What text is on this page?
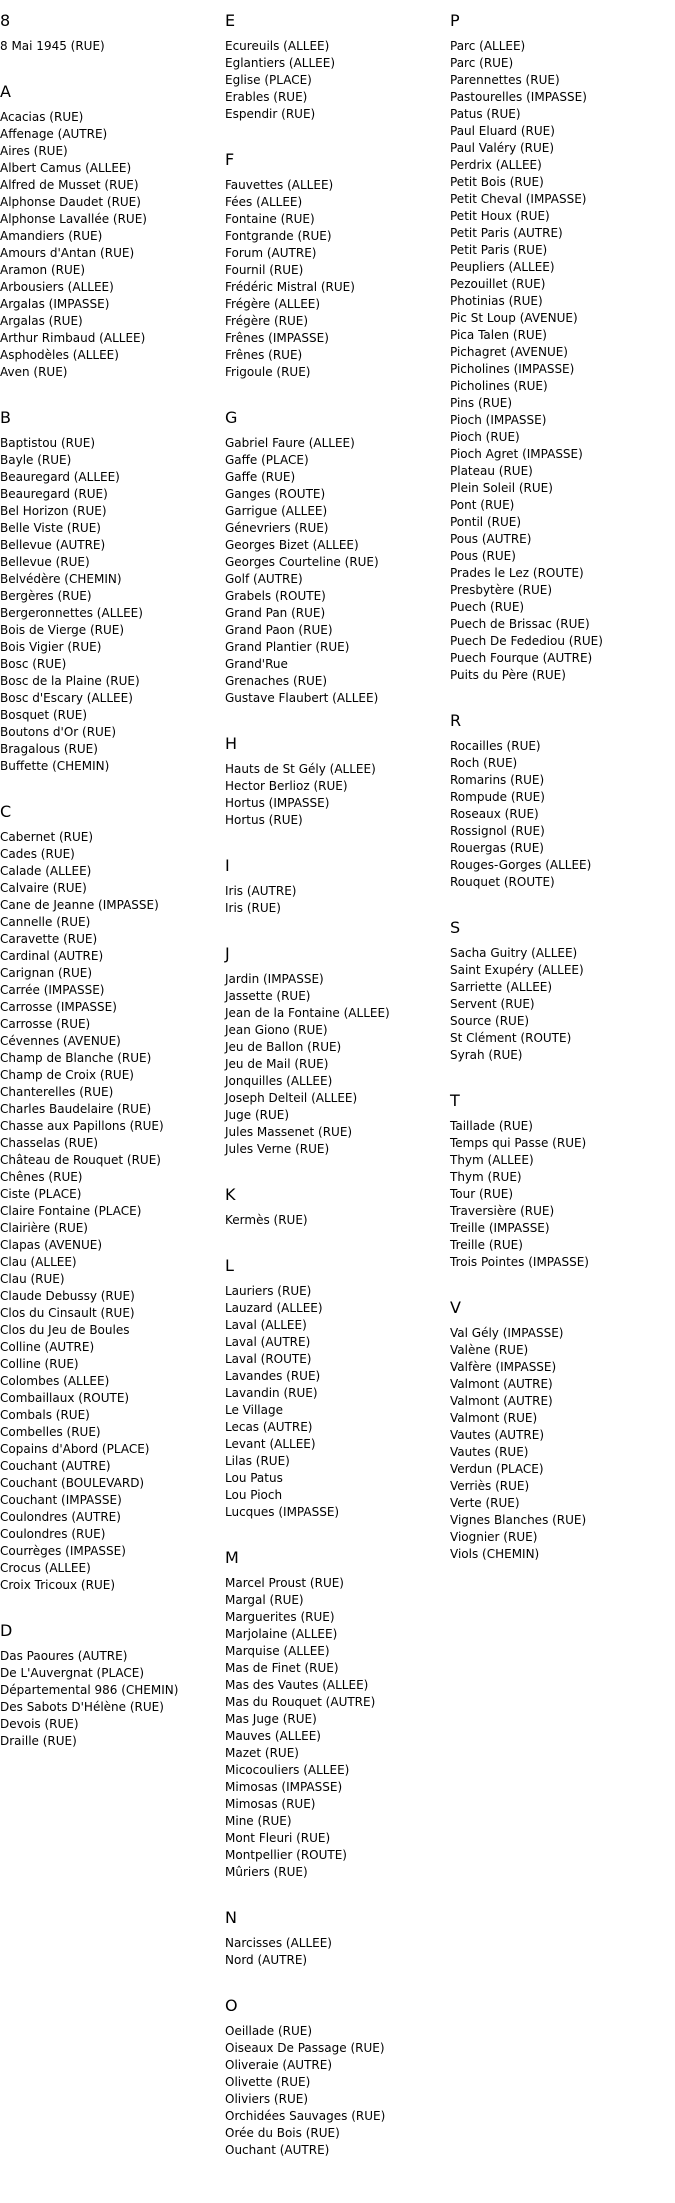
8
8 Mai 1945 (RUE)
A
Acacias (RUE)
Affenage (AUTRE)
Aires (RUE)
Albert Camus (ALLEE)
Alfred de Musset (RUE)
Alphonse Daudet (RUE)
Alphonse Lavallée (RUE)
Amandiers (RUE)
Amours d'Antan (RUE)
Aramon (RUE)
Arbousiers (ALLEE)
Argalas (IMPASSE)
Argalas (RUE)
Arthur Rimbaud (ALLEE)
Asphodèles (ALLEE)
Aven (RUE)
B
Baptistou (RUE)
Bayle (RUE)
Beauregard (ALLEE)
Beauregard (RUE)
Bel Horizon (RUE)
Belle Viste (RUE)
Bellevue (AUTRE)
Bellevue (RUE)
Belvédère (CHEMIN)
Bergères (RUE)
Bergeronnettes (ALLEE)
Bois de Vierge (RUE)
Bois Vigier (RUE)
Bosc (RUE)
Bosc de la Plaine (RUE)
Bosc d'Escary (ALLEE)
Bosquet (RUE)
Boutons d'Or (RUE)
Bragalous (RUE)
Buffette (CHEMIN)
C
Cabernet (RUE)
Cades (RUE)
Calade (ALLEE)
Calvaire (RUE)
Cane de Jeanne (IMPASSE)
Cannelle (RUE)
Caravette (RUE)
Cardinal (AUTRE)
Carignan (RUE)
Carrée (IMPASSE)
Carrosse (IMPASSE)
Carrosse (RUE)
Cévennes (AVENUE)
Champ de Blanche (RUE)
Champ de Croix (RUE)
Chanterelles (RUE)
Charles Baudelaire (RUE)
Chasse aux Papillons (RUE)
Chasselas (RUE)
Château de Rouquet (RUE)
Chênes (RUE)
Ciste (PLACE)
Claire Fontaine (PLACE)
Clairière (RUE)
Clapas (AVENUE)
Clau (ALLEE)
Clau (RUE)
Claude Debussy (RUE)
Clos du Cinsault (RUE)
Clos du Jeu de Boules
Colline (AUTRE)
Colline (RUE)
Colombes (ALLEE)
Combaillaux (ROUTE)
Combals (RUE)
Combelles (RUE)
Copains d'Abord (PLACE)
Couchant (AUTRE)
Couchant (BOULEVARD)
Couchant (IMPASSE)
Coulondres (AUTRE)
Coulondres (RUE)
Courrèges (IMPASSE)
Crocus (ALLEE)
Croix Tricoux (RUE)
D
Das Paoures (AUTRE)
De L'Auvergnat (PLACE)
Départemental 986 (CHEMIN)
Des Sabots D'Hélène (RUE)
Devois (RUE)
Draille (RUE)
E
Ecureuils (ALLEE)
Eglantiers (ALLEE)
Eglise (PLACE)
Erables (RUE)
Espendir (RUE)
F
Fauvettes (ALLEE)
Fées (ALLEE)
Fontaine (RUE)
Fontgrande (RUE)
Forum (AUTRE)
Fournil (RUE)
Frédéric Mistral (RUE)
Frégère (ALLEE)
Frégère (RUE)
Frênes (IMPASSE)
Frênes (RUE)
Frigoule (RUE)
G
Gabriel Faure (ALLEE)
Gaffe (PLACE)
Gaffe (RUE)
Ganges (ROUTE)
Garrigue (ALLEE)
Génevriers (RUE)
Georges Bizet (ALLEE)
Georges Courteline (RUE)
Golf (AUTRE)
Grabels (ROUTE)
Grand Pan (RUE)
Grand Paon (RUE)
Grand Plantier (RUE)
Grand'Rue
Grenaches (RUE)
Gustave Flaubert (ALLEE)
H
Hauts de St Gély (ALLEE)
Hector Berlioz (RUE)
Hortus (IMPASSE)
Hortus (RUE)
I
Iris (AUTRE)
Iris (RUE)
J
Jardin (IMPASSE)
Jassette (RUE)
Jean de la Fontaine (ALLEE)
Jean Giono (RUE)
Jeu de Ballon (RUE)
Jeu de Mail (RUE)
Jonquilles (ALLEE)
Joseph Delteil (ALLEE)
Juge (RUE)
Jules Massenet (RUE)
Jules Verne (RUE)
K
Kermès (RUE)
L
Lauriers (RUE)
Lauzard (ALLEE)
Laval (ALLEE)
Laval (AUTRE)
Laval (ROUTE)
Lavandes (RUE)
Lavandin (RUE)
Le Village
Lecas (AUTRE)
Levant (ALLEE)
Lilas (RUE)
Lou Patus
Lou Pioch
Lucques (IMPASSE)
M
Marcel Proust (RUE)
Margal (RUE)
Marguerites (RUE)
Marjolaine (ALLEE)
Marquise (ALLEE)
Mas de Finet (RUE)
Mas des Vautes (ALLEE)
Mas du Rouquet (AUTRE)
Mas Juge (RUE)
Mauves (ALLEE)
Mazet (RUE)
Micocouliers (ALLEE)
Mimosas (IMPASSE)
Mimosas (RUE)
Mine (RUE)
Mont Fleuri (RUE)
Montpellier (ROUTE)
Mûriers (RUE)
N
Narcisses (ALLEE)
Nord (AUTRE)
O
Oeillade (RUE)
Oiseaux De Passage (RUE)
Oliveraie (AUTRE)
Olivette (RUE)
Oliviers (RUE)
Orchidées Sauvages (RUE)
Orée du Bois (RUE)
Ouchant (AUTRE)
P
Parc (ALLEE)
Parc (RUE)
Parennettes (RUE)
Pastourelles (IMPASSE)
Patus (RUE)
Paul Eluard (RUE)
Paul Valéry (RUE)
Perdrix (ALLEE)
Petit Bois (RUE)
Petit Cheval (IMPASSE)
Petit Houx (RUE)
Petit Paris (AUTRE)
Petit Paris (RUE)
Peupliers (ALLEE)
Pezouillet (RUE)
Photinias (RUE)
Pic St Loup (AVENUE)
Pica Talen (RUE)
Pichagret (AVENUE)
Picholines (IMPASSE)
Picholines (RUE)
Pins (RUE)
Pioch (IMPASSE)
Pioch (RUE)
Pioch Agret (IMPASSE)
Plateau (RUE)
Plein Soleil (RUE)
Pont (RUE)
Pontil (RUE)
Pous (AUTRE)
Pous (RUE)
Prades le Lez (ROUTE)
Presbytère (RUE)
Puech (RUE)
Puech de Brissac (RUE)
Puech De Fedediou (RUE)
Puech Fourque (AUTRE)
Puits du Père (RUE)
R
Rocailles (RUE)
Roch (RUE)
Romarins (RUE)
Rompude (RUE)
Roseaux (RUE)
Rossignol (RUE)
Rouergas (RUE)
Rouges-Gorges (ALLEE)
Rouquet (ROUTE)
S
Sacha Guitry (ALLEE)
Saint Exupéry (ALLEE)
Sarriette (ALLEE)
Servent (RUE)
Source (RUE)
St Clément (ROUTE)
Syrah (RUE)
T
Taillade (RUE)
Temps qui Passe (RUE)
Thym (ALLEE)
Thym (RUE)
Tour (RUE)
Traversière (RUE)
Treille (IMPASSE)
Treille (RUE)
Trois Pointes (IMPASSE)
V
Val Gély (IMPASSE)
Valène (RUE)
Valfère (IMPASSE)
Valmont (AUTRE)
Valmont (AUTRE)
Valmont (RUE)
Vautes (AUTRE)
Vautes (RUE)
Verdun (PLACE)
Verriès (RUE)
Verte (RUE)
Vignes Blanches (RUE)
Viognier (RUE)
Viols (CHEMIN)
